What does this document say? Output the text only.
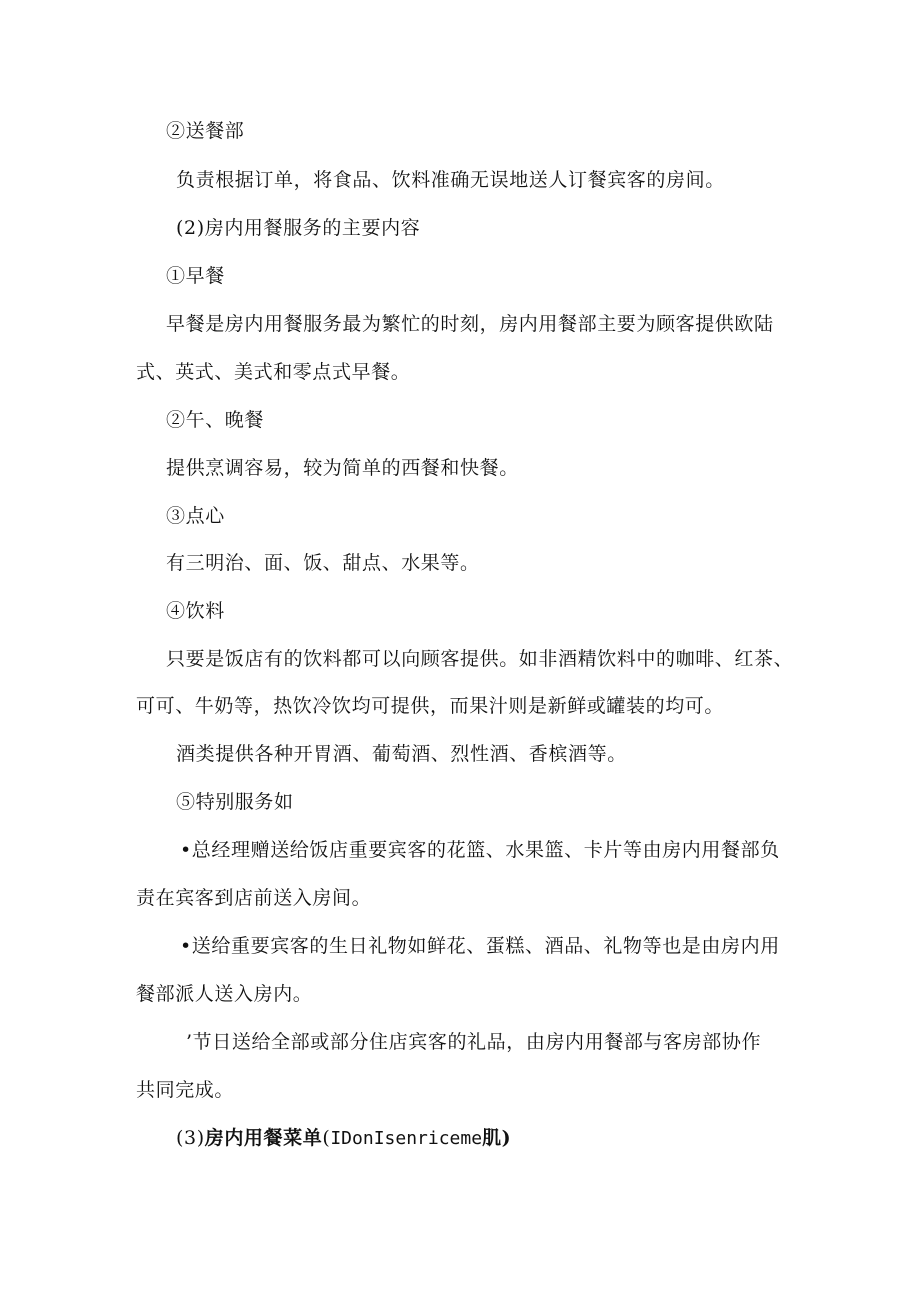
②送餐部
负责根据订单，将食品、饮料准确无误地送人订餐宾客的房间。
(2)房内用餐服务的主要内容
①早餐
早餐是房内用餐服务最为繁忙的时刻，房内用餐部主要为顾客提供欧陆
式、英式、美式和零点式早餐。
②午、晚餐
提供烹调容易，较为简单的西餐和快餐。
③点心
有三明治、面、饭、甜点、水果等。
④饮料
只要是饭店有的饮料都可以向顾客提供。如非酒精饮料中的咖啡、红茶、
可可、牛奶等，热饮冷饮均可提供，而果汁则是新鲜或罐装的均可。
酒类提供各种开胃酒、葡萄酒、烈性酒、香槟酒等。
⑤特别服务如
•总经理赠送给饭店重要宾客的花篮、水果篮、卡片等由房内用餐部负
责在宾客到店前送入房间。
•送给重要宾客的生日礼物如鲜花、蛋糕、酒品、礼物等也是由房内用
餐部派人送入房内。
’节日送给全部或部分住店宾客的礼品，由房内用餐部与客房部协作
共同完成。
(3)房内用餐菜单(IDonIsenriceme肌)
